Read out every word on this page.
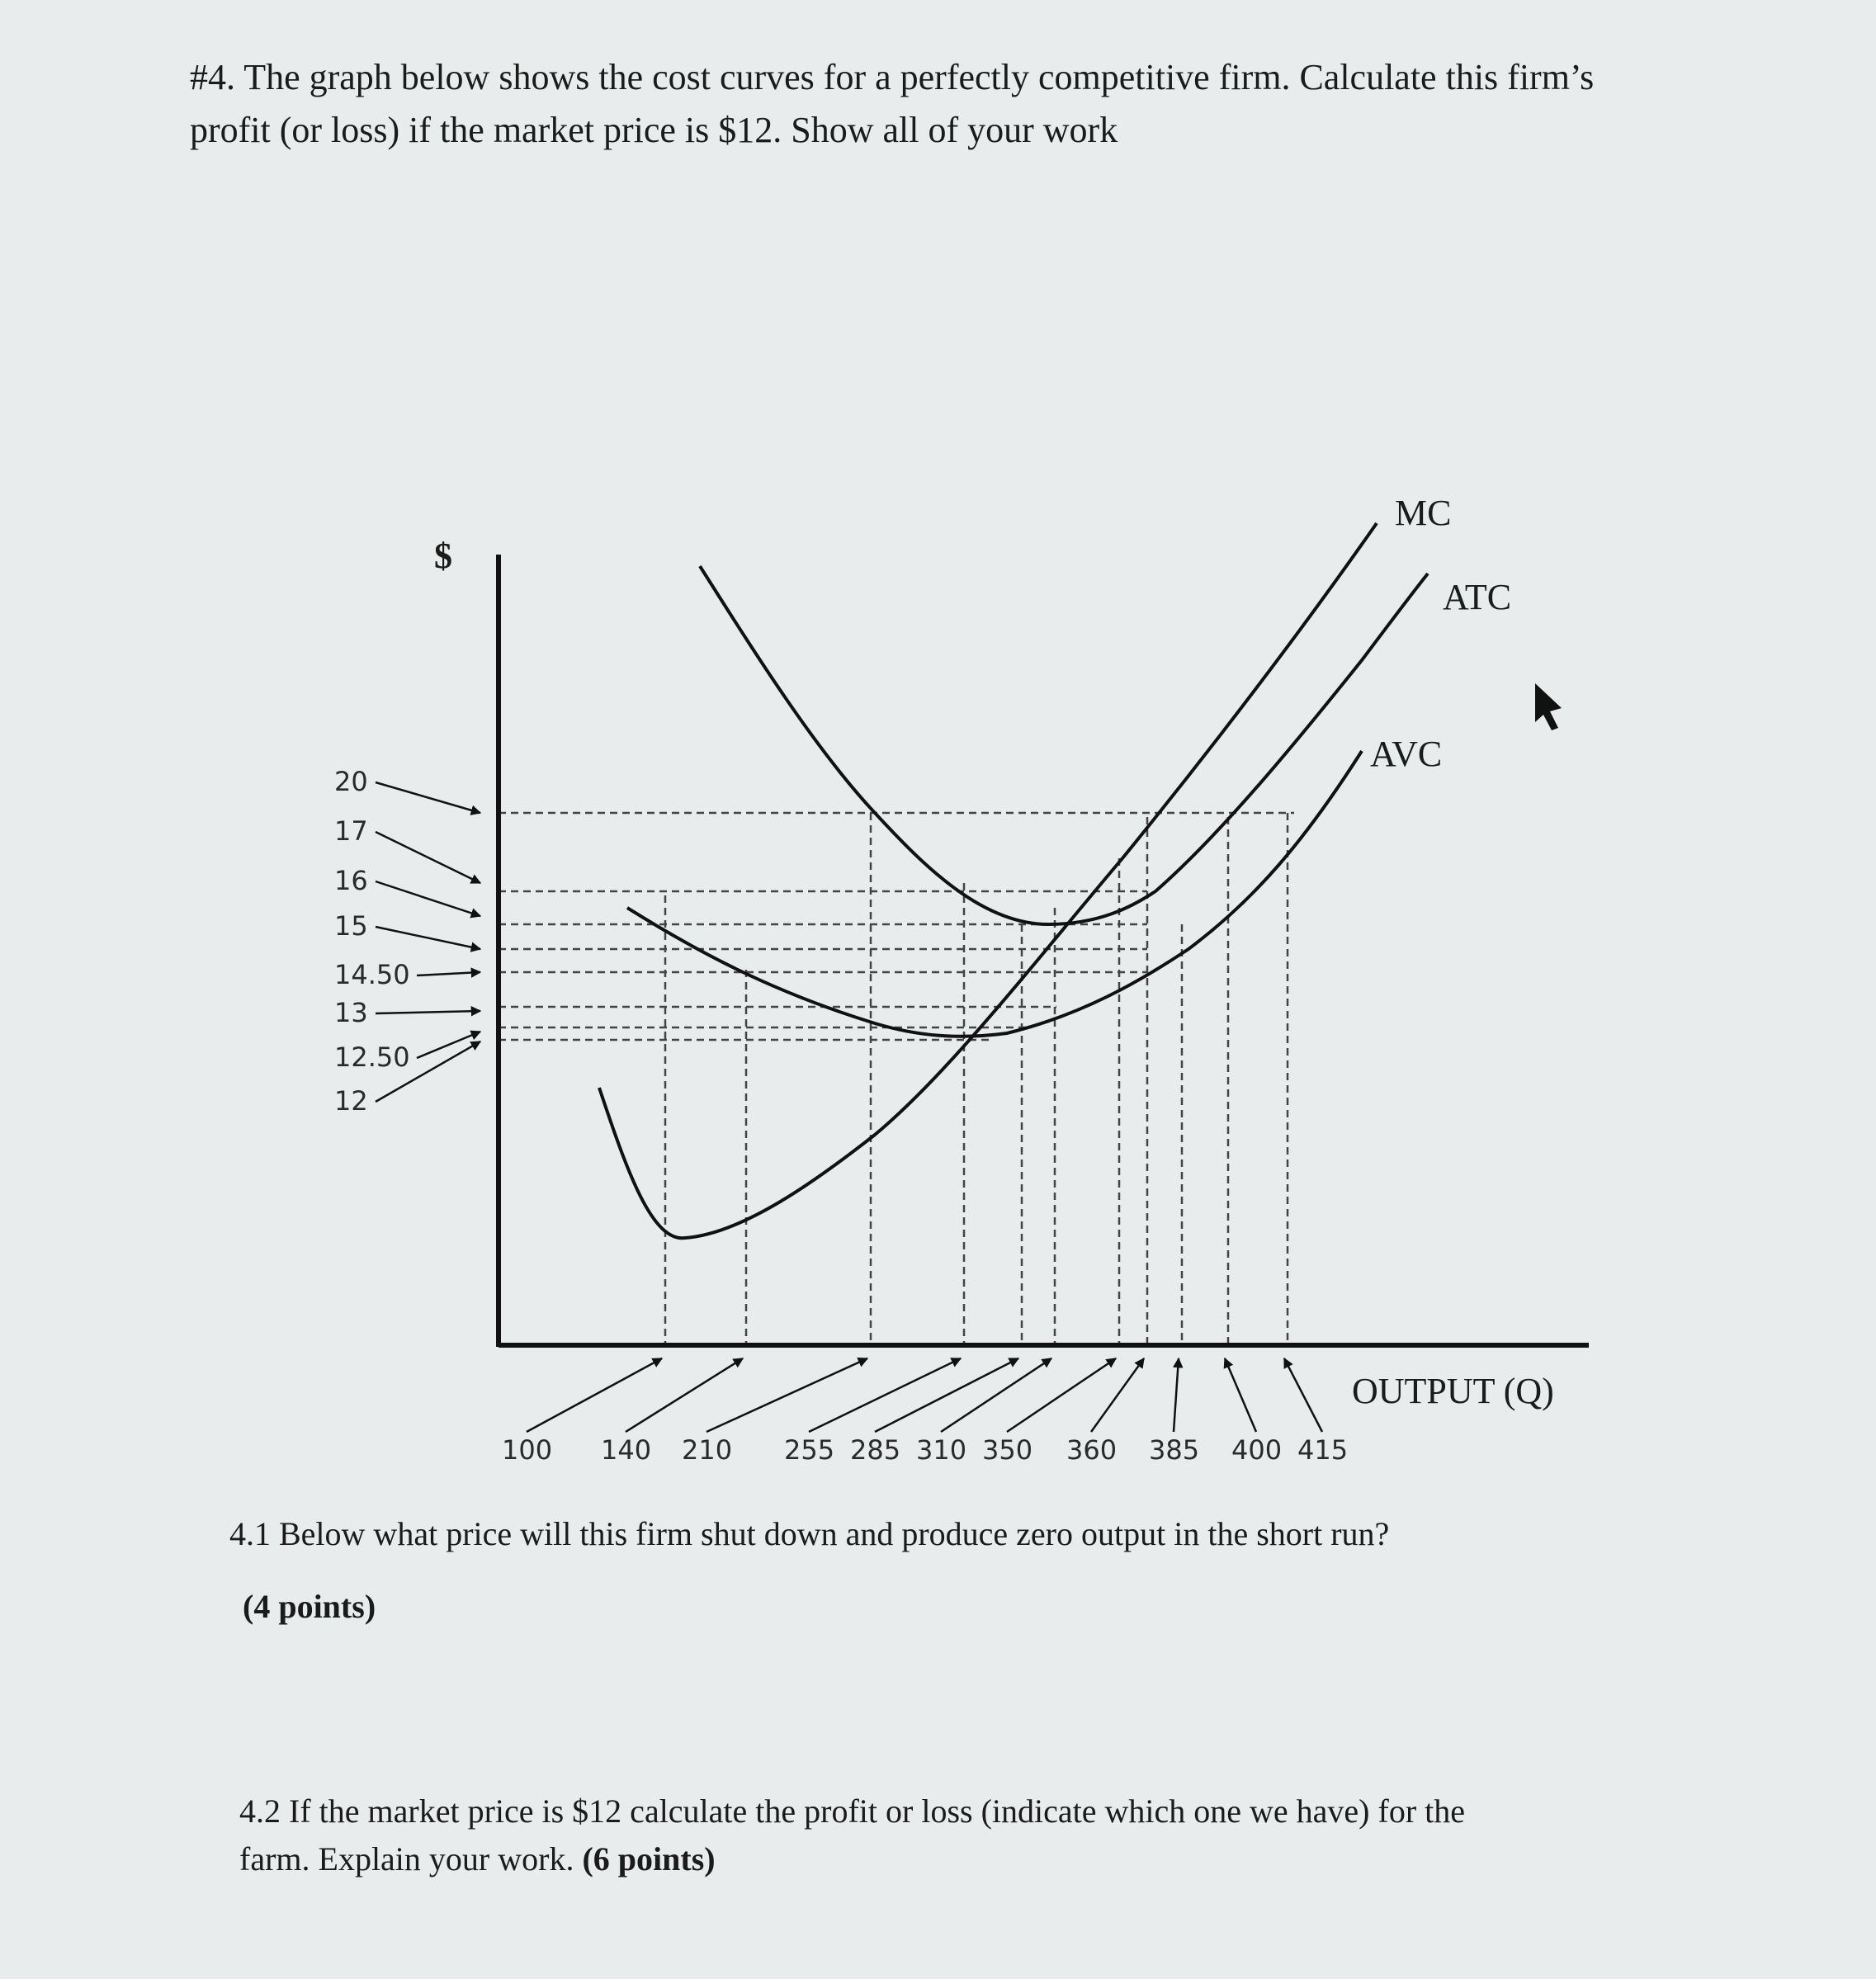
#4. The graph below shows the cost curves for a perfectly competitive firm. Calculate this firm’s
profit (or loss) if the market price is $12. Show all of your work
20
17
16
15
14.50
13
12.50
12
100 140 210 255 285 310 350 360 385 400 415
$
OUTPUT (Q)
MC
ATC
AVC

4.1 Below what price will this firm shut down and produce zero output in the short run?

(4 points)

4.2 If the market price is $12 calculate the profit or loss (indicate which one we have) for the
farm. Explain your work. (6 points)
